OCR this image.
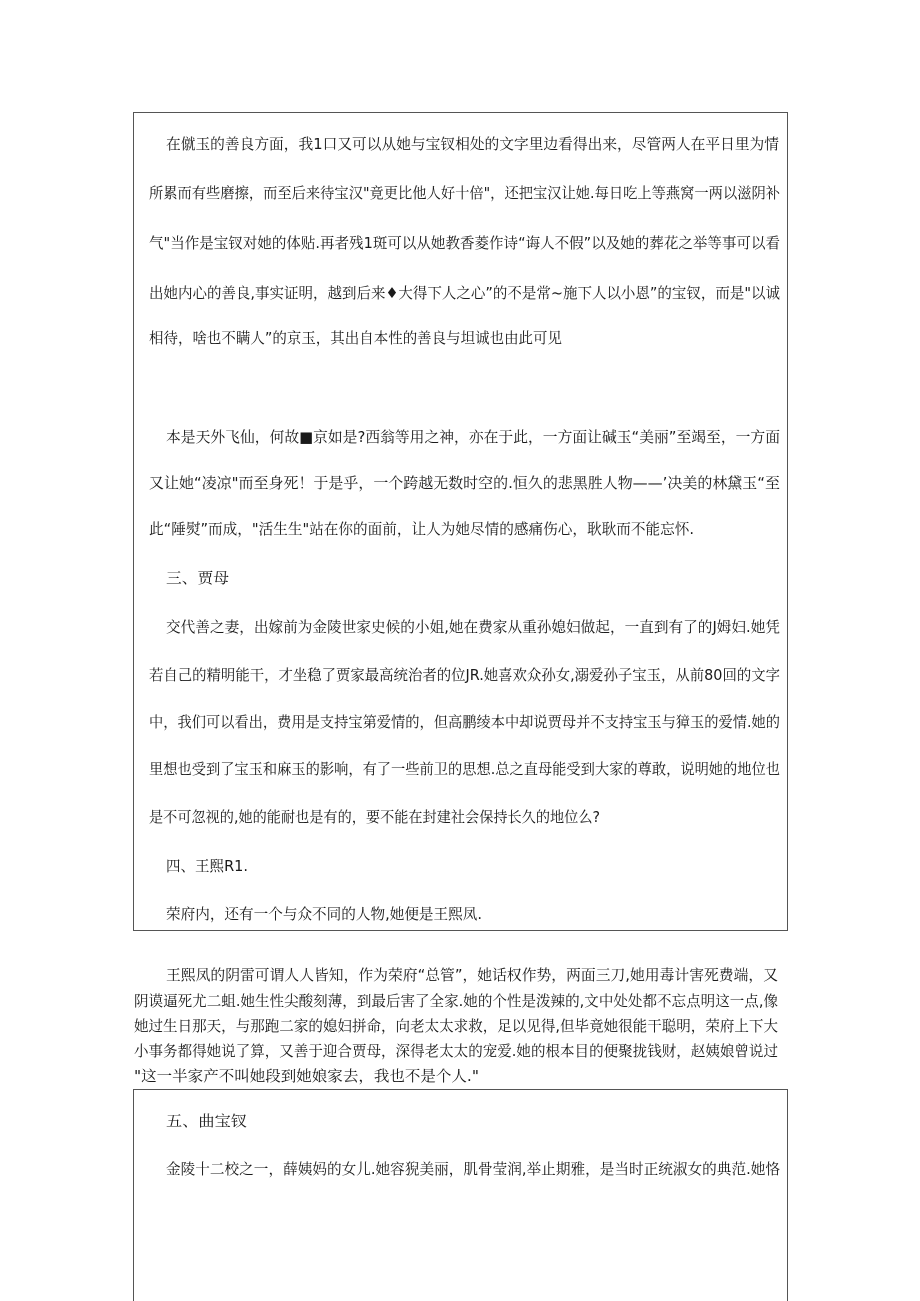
在僦玉的善良方面，我1口又可以从她与宝钗相处的文字里边看得出来，尽管两人在平日里为情
所累而有些磨擦，而至后来待宝汉"竟更比他人好十倍"，还把宝汉让她.每日吃上等燕窝一两以滋阴补
气"当作是宝钗对她的体贴.再者残1斑可以从她教香菱作诗“诲人不假”以及她的葬花之举等事可以看
出她内心的善良,事实证明，越到后来♦大得下人之心”的不是常~施下人以小恩”的宝钗，而是"以诚
相待，啥也不瞒人”的京玉，其出自本性的善良与坦诚也由此可见
本是天外飞仙，何故■京如是?西翁等用之神，亦在于此，一方面让碱玉“美丽”至竭至，一方面
又让她“凌凉"而至身死！于是乎，一个跨越无数时空的.恒久的悲黑胜人物——’决美的林黛玉“至
此“陲熨”而成，"活生生"站在你的面前，让人为她尽情的感痛伤心，耿耿而不能忘怀.
三、贾母
交代善之妻，出嫁前为金陵世家史候的小姐,她在费家从重孙媳妇做起，一直到有了的J姆妇.她凭
若自己的精明能干，才坐稳了贾家最高统治者的位JR.她喜欢众孙女,溺爱孙子宝玉，从前80回的文字
中，我们可以看出，费用是支持宝第爱情的，但高鹏绫本中却说贾母并不支持宝玉与獐玉的爱情.她的
里想也受到了宝玉和麻玉的影响，有了一些前卫的思想.总之直母能受到大家的尊敢，说明她的地位也
是不可忽视的,她的能耐也是有的，要不能在封建社会保持长久的地位么?
四、王熙R1.
荣府内，还有一个与众不同的人物,她便是王熙凤.
王熙凤的阴雷可谓人人皆知，作为荣府“总管”，她话权作势，两面三刀,她用毒计害死费端，又
阴谟逼死尤二蛆.她生性尖酸刻薄，到最后害了全家.她的个性是泼辣的,文中处处都不忘点明这一点,像
她过生日那天，与那跑二家的媳妇拼命，向老太太求救，足以见得,但毕竟她很能干聪明，荣府上下大
小事务都得她说了算，又善于迎合贾母，深得老太太的宠爱.她的根本目的便聚拢钱财，赵姨娘曾说过
"这一半家产不叫她段到她娘家去，我也不是个人."
五、曲宝钗
金陵十二校之一，薛姨妈的女儿.她容猊美丽，肌骨莹润,举止期雅，是当时正统淑女的典范.她恪
